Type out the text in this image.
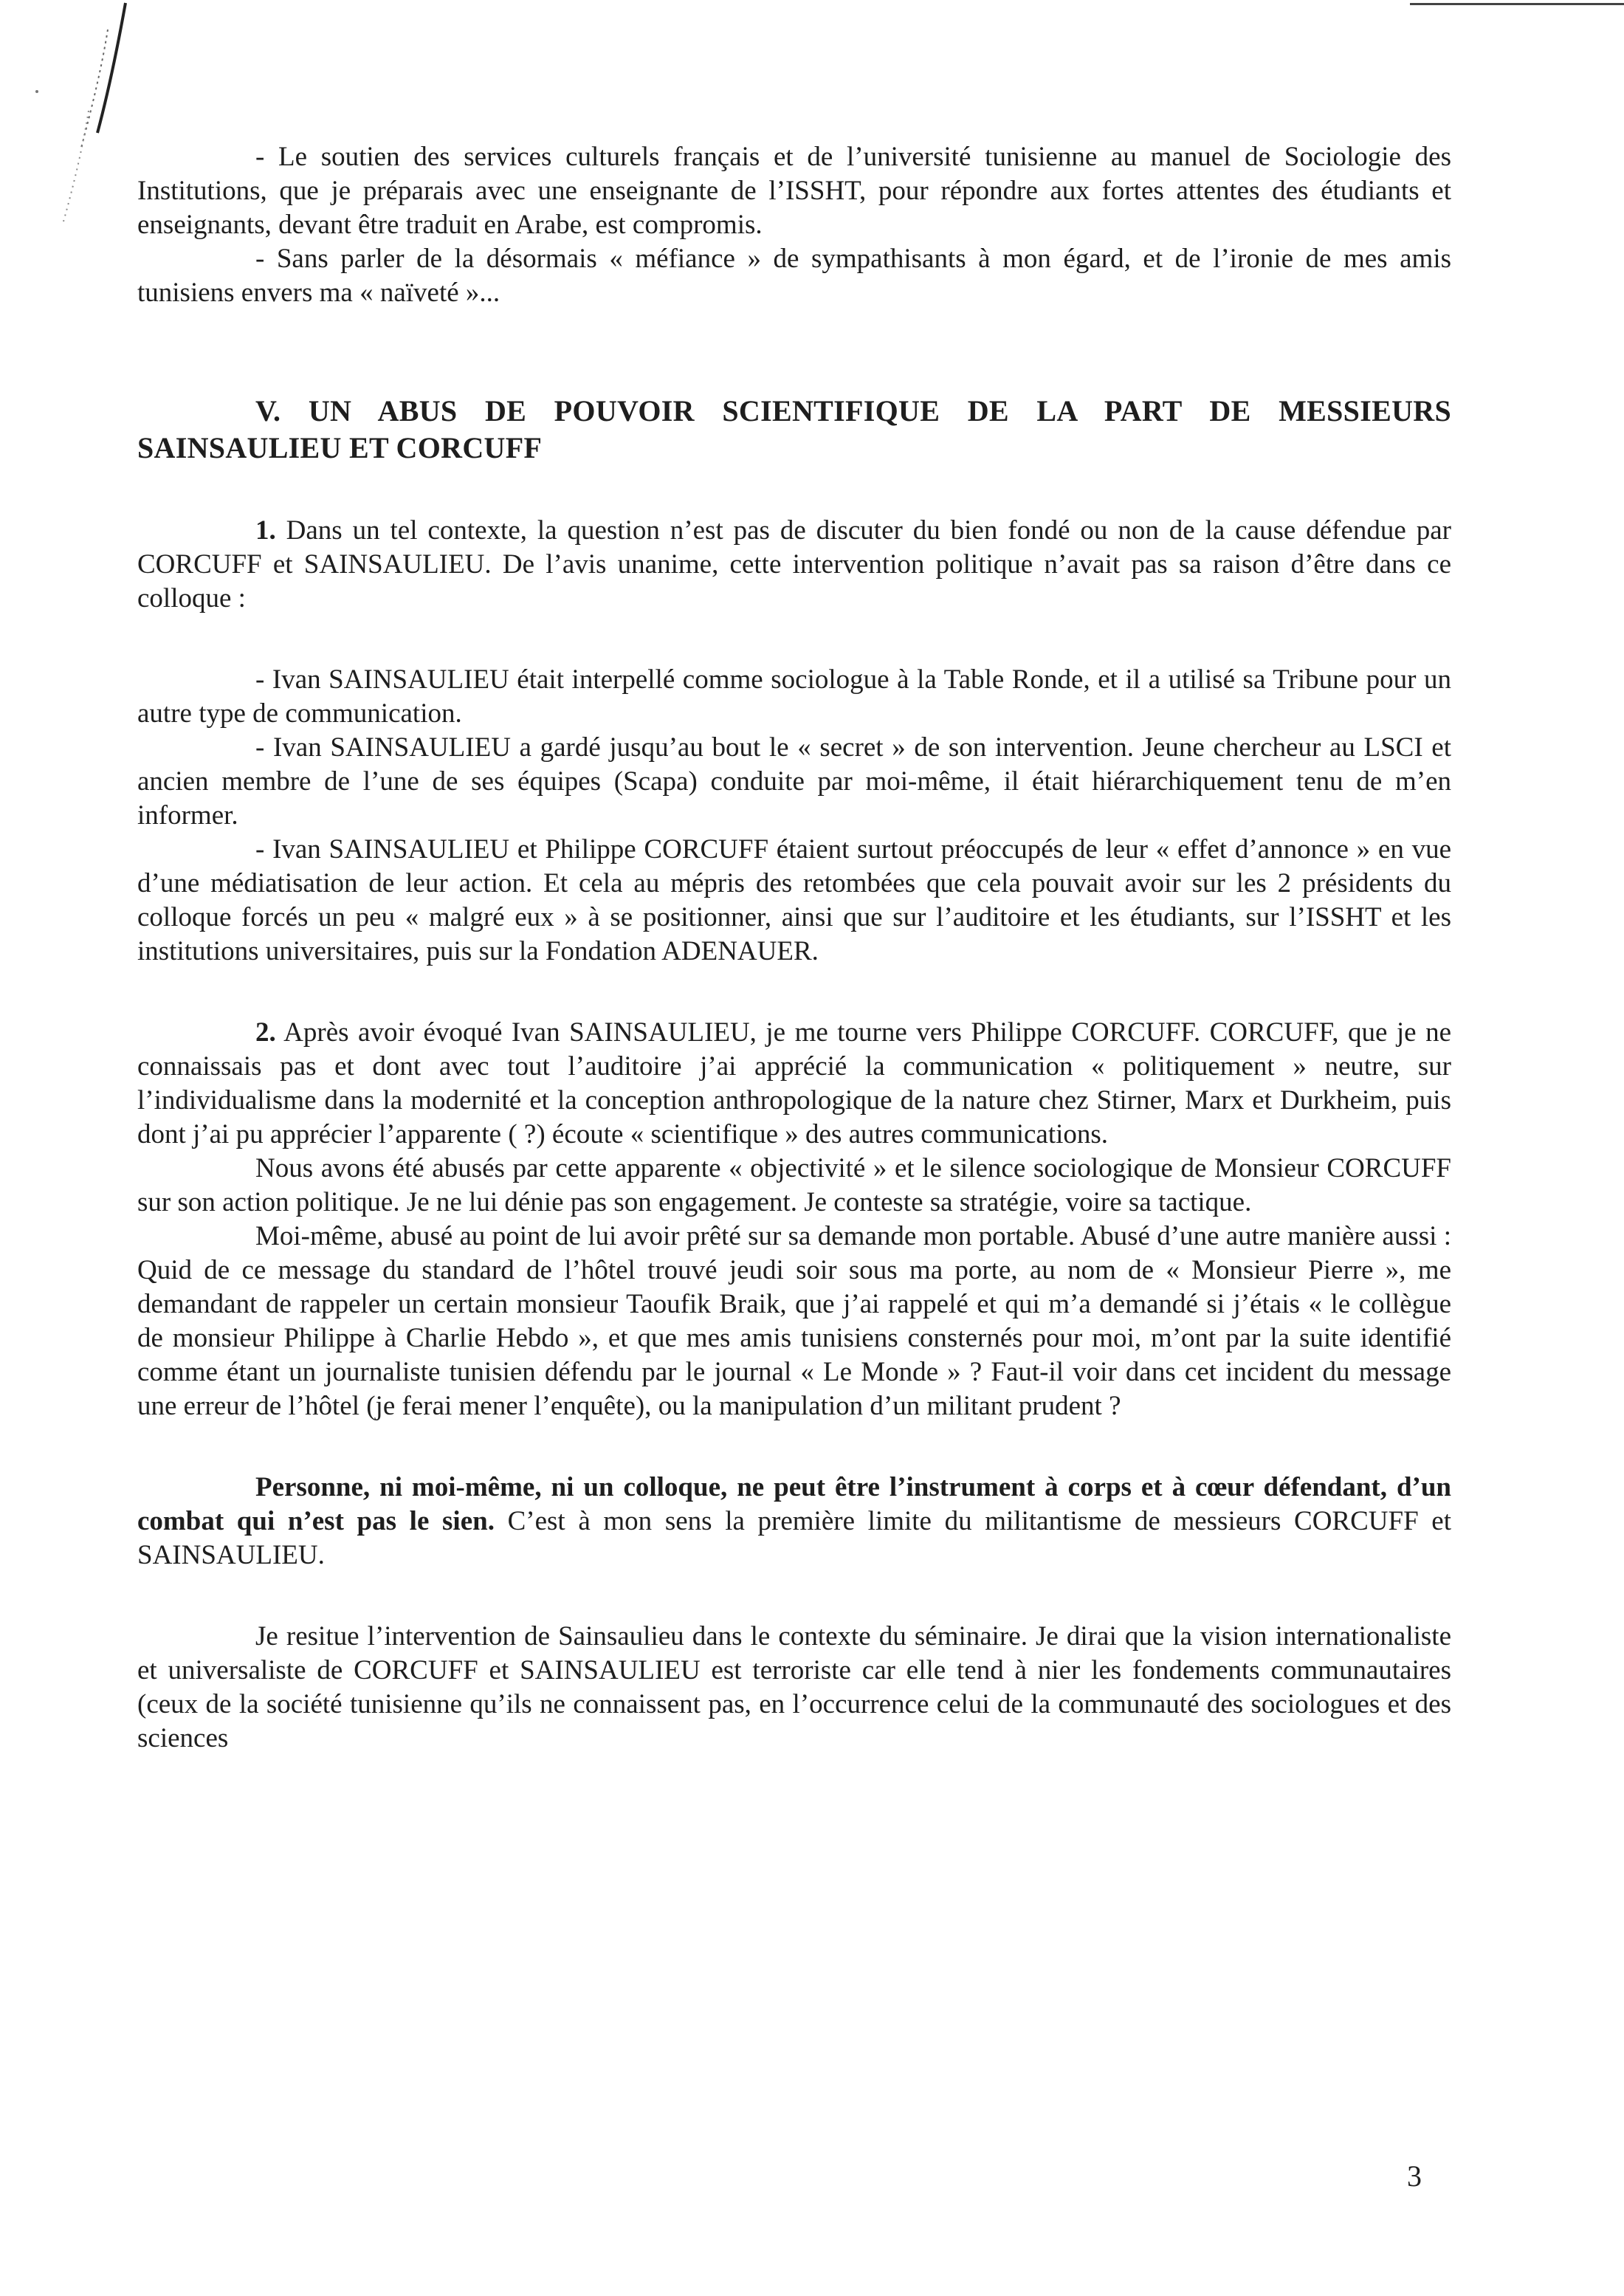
- Le soutien des services culturels français et de l’université tunisienne au manuel de Sociologie des Institutions, que je préparais avec une enseignante de l’ISSHT, pour répondre aux fortes attentes des étudiants et enseignants, devant être traduit en Arabe, est compromis.

- Sans parler de la désormais « méfiance » de sympathisants à mon égard, et de l’ironie de mes amis tunisiens envers ma « naïveté »...

V. UN ABUS DE POUVOIR SCIENTIFIQUE DE LA PART DE MESSIEURS SAINSAULIEU ET CORCUFF

1. Dans un tel contexte, la question n’est pas de discuter du bien fondé ou non de la cause défendue par CORCUFF et SAINSAULIEU. De l’avis unanime, cette intervention politique n’avait pas sa raison d’être dans ce colloque :

- Ivan SAINSAULIEU était interpellé comme sociologue à la Table Ronde, et il a utilisé sa Tribune pour un autre type de communication.

- Ivan SAINSAULIEU a gardé jusqu’au bout le « secret » de son intervention. Jeune chercheur au LSCI et ancien membre de l’une de ses équipes (Scapa) conduite par moi-même, il était hiérarchiquement tenu de m’en informer.

- Ivan SAINSAULIEU et Philippe CORCUFF étaient surtout préoccupés de leur « effet d’annonce » en vue d’une médiatisation de leur action. Et cela au mépris des retombées que cela pouvait avoir sur les 2 présidents du colloque forcés un peu « malgré eux » à se positionner, ainsi que sur l’auditoire et les étudiants, sur l’ISSHT et les institutions universitaires, puis sur la Fondation ADENAUER.

2. Après avoir évoqué Ivan SAINSAULIEU, je me tourne vers Philippe CORCUFF. CORCUFF, que je ne connaissais pas et dont avec tout l’auditoire j’ai apprécié la communication « politiquement » neutre, sur l’individualisme dans la modernité et la conception anthropologique de la nature chez Stirner, Marx et Durkheim, puis dont j’ai pu apprécier l’apparente ( ?) écoute « scientifique » des autres communications.

Nous avons été abusés par cette apparente « objectivité » et le silence sociologique de Monsieur CORCUFF sur son action politique. Je ne lui dénie pas son engagement. Je conteste sa stratégie, voire sa tactique.

Moi-même, abusé au point de lui avoir prêté sur sa demande mon portable. Abusé d’une autre manière aussi : Quid de ce message du standard de l’hôtel trouvé jeudi soir sous ma porte, au nom de « Monsieur Pierre », me demandant de rappeler un certain monsieur Taoufik Braik, que j’ai rappelé et qui m’a demandé si j’étais « le collègue de monsieur Philippe à Charlie Hebdo », et que mes amis tunisiens consternés pour moi, m’ont par la suite identifié comme étant un journaliste tunisien défendu par le journal « Le Monde » ? Faut-il voir dans cet incident du message une erreur de l’hôtel (je ferai mener l’enquête), ou la manipulation d’un militant prudent ?

Personne, ni moi-même, ni un colloque, ne peut être l’instrument à corps et à cœur défendant, d’un combat qui n’est pas le sien. C’est à mon sens la première limite du militantisme de messieurs CORCUFF et SAINSAULIEU.

Je resitue l’intervention de Sainsaulieu dans le contexte du séminaire. Je dirai que la vision internationaliste et universaliste de CORCUFF et SAINSAULIEU est terroriste car elle tend à nier les fondements communautaires (ceux de la société tunisienne qu’ils ne connaissent pas, en l’occurrence celui de la communauté des sociologues et des sciences

3
